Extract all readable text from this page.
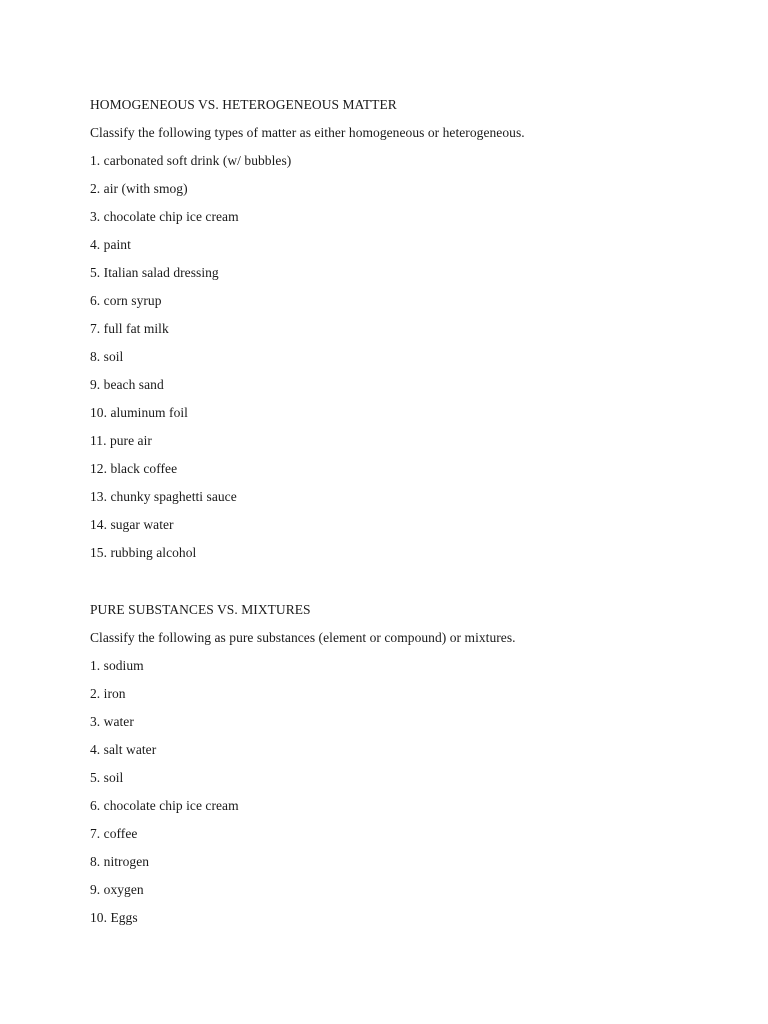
HOMOGENEOUS VS. HETEROGENEOUS MATTER
Classify the following types of matter as either homogeneous or heterogeneous.
1. carbonated soft drink (w/ bubbles)
2. air (with smog)
3. chocolate chip ice cream
4. paint
5. Italian salad dressing
6. corn syrup
7. full fat milk
8. soil
9. beach sand
10. aluminum foil
11. pure air
12. black coffee
13. chunky spaghetti sauce
14. sugar water
15. rubbing alcohol
PURE SUBSTANCES VS. MIXTURES
Classify the following as pure substances (element or compound) or mixtures.
1. sodium
2. iron
3. water
4. salt water
5. soil
6. chocolate chip ice cream
7. coffee
8. nitrogen
9. oxygen
10. Eggs
